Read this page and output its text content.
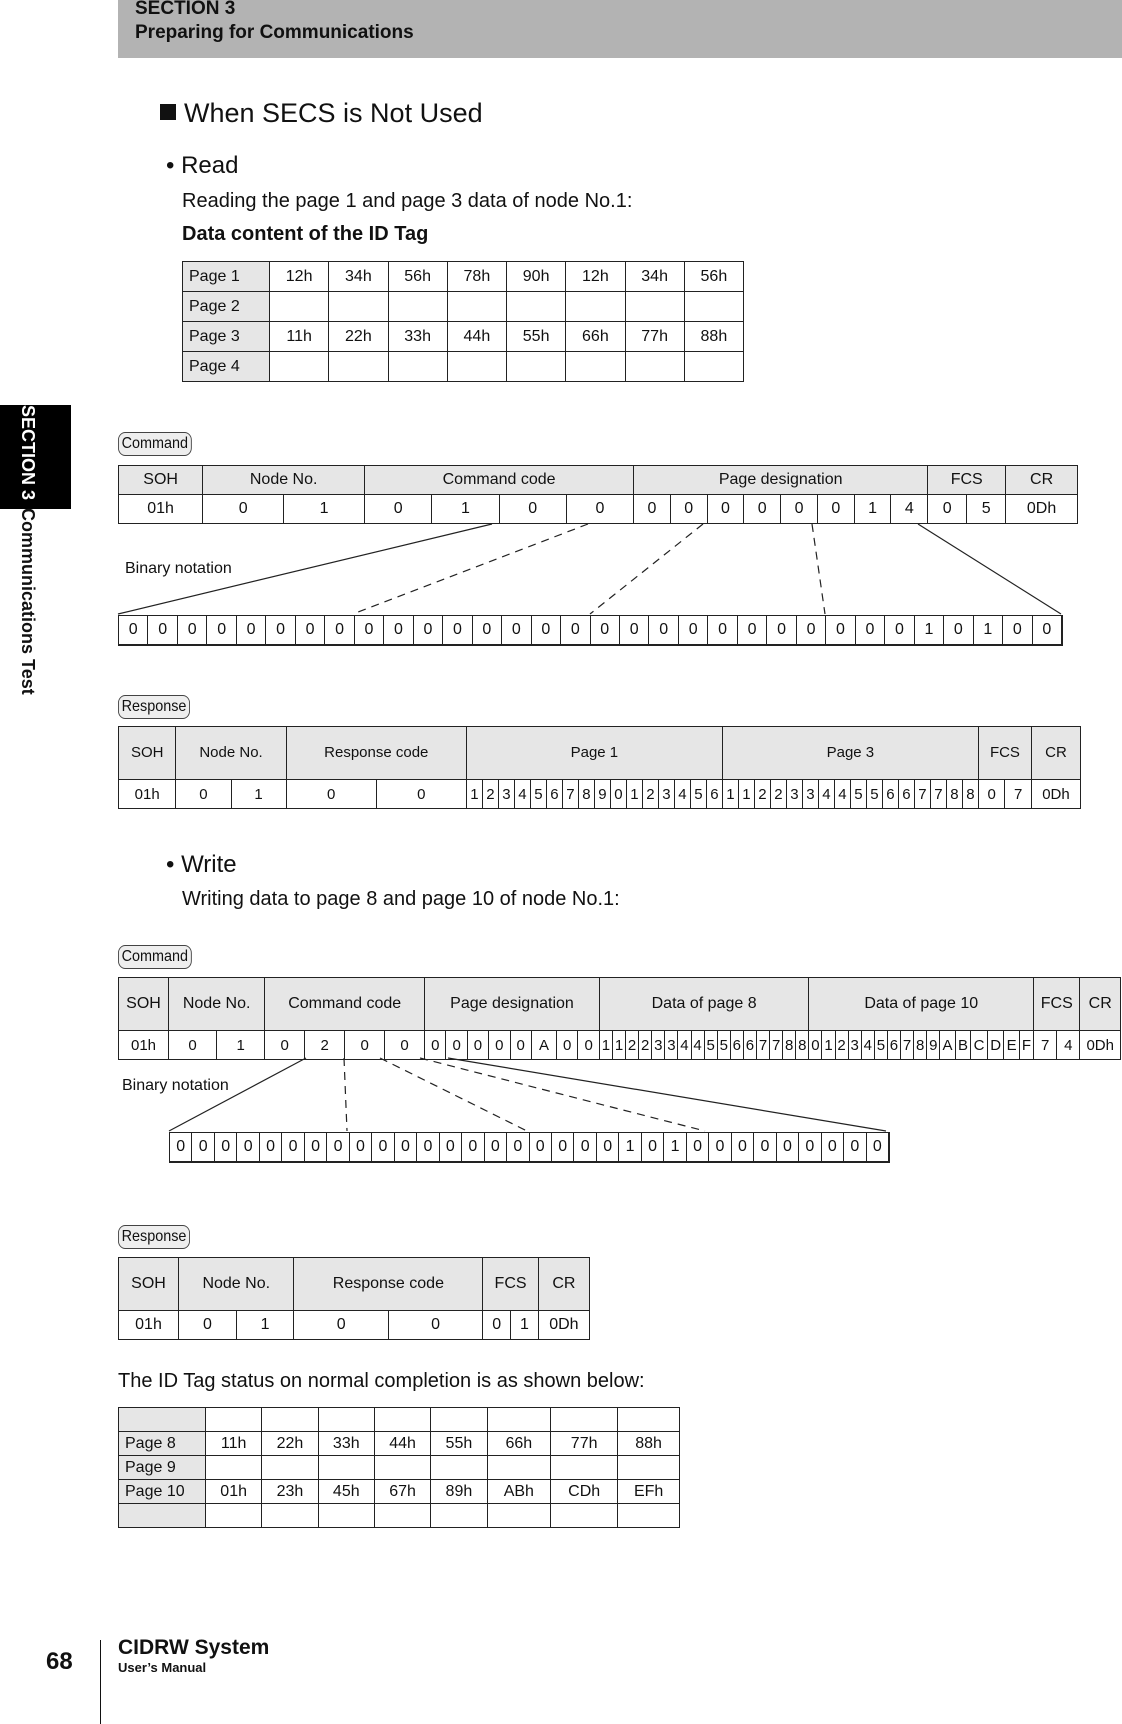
SECTION 3
Preparing for Communications
SECTION 3Communications Test
When SECS is Not Used
• Read
Reading the page 1 and page 3 data of node No.1:
Data content of the ID Tag
Page 1	12h	34h	56h	78h	90h	12h	34h	56h
Page 2								
Page 3	11h	22h	33h	44h	55h	66h	77h	88h
Page 4								
Command
SOH	Node No.		Command code				Page designation								FCS		CR
01h	0	1	0	1	0	0	0	0	0	0	0	0	1	4	0	5	0Dh
Binary notation
0	0	0	0	0	0	0	0	0	0	0	0	0	0	0	0	0	0	0	0	0	0	0	0	0	0	0	1	0	1	0	0
Response
SOH	Node No.		Response code		Page 1																Page 3																FCS		CR
01h	0	1	0	0	1	2	3	4	5	6	7	8	9	0	1	2	3	4	5	6	1	1	2	2	3	3	4	4	5	5	6	6	7	7	8	8	0	7	0Dh
• Write
Writing data to page 8 and page 10 of node No.1:
Command
SOH	Node No.		Command code				Page designation								Data of page 8																Data of page 10																FCS		CR
01h	0	1	0	2	0	0	0	0	0	0	0	A	0	0	1	1	2	2	3	3	4	4	5	5	6	6	7	7	8	8	0	1	2	3	4	5	6	7	8	9	A	B	C	D	E	F	7	4	0Dh
Binary notation
0 0 0 0 0 0 0 0 0 0 0 0 0 0 0 0 0 0 0 0 1 0 1 0 0 0 0 0 0 0 0 0
Response
SOH	Node No.		Response code		FCS		CR
01h	0	1	0	0	0	1	0Dh
The ID Tag status on normal completion is as shown below:

Page 8	11h	22h	33h	44h	55h	66h	77h	88h
Page 9								
Page 10	01h	23h	45h	67h	89h	ABh	CDh	EFh

68
CIDRW System
User’s Manual
